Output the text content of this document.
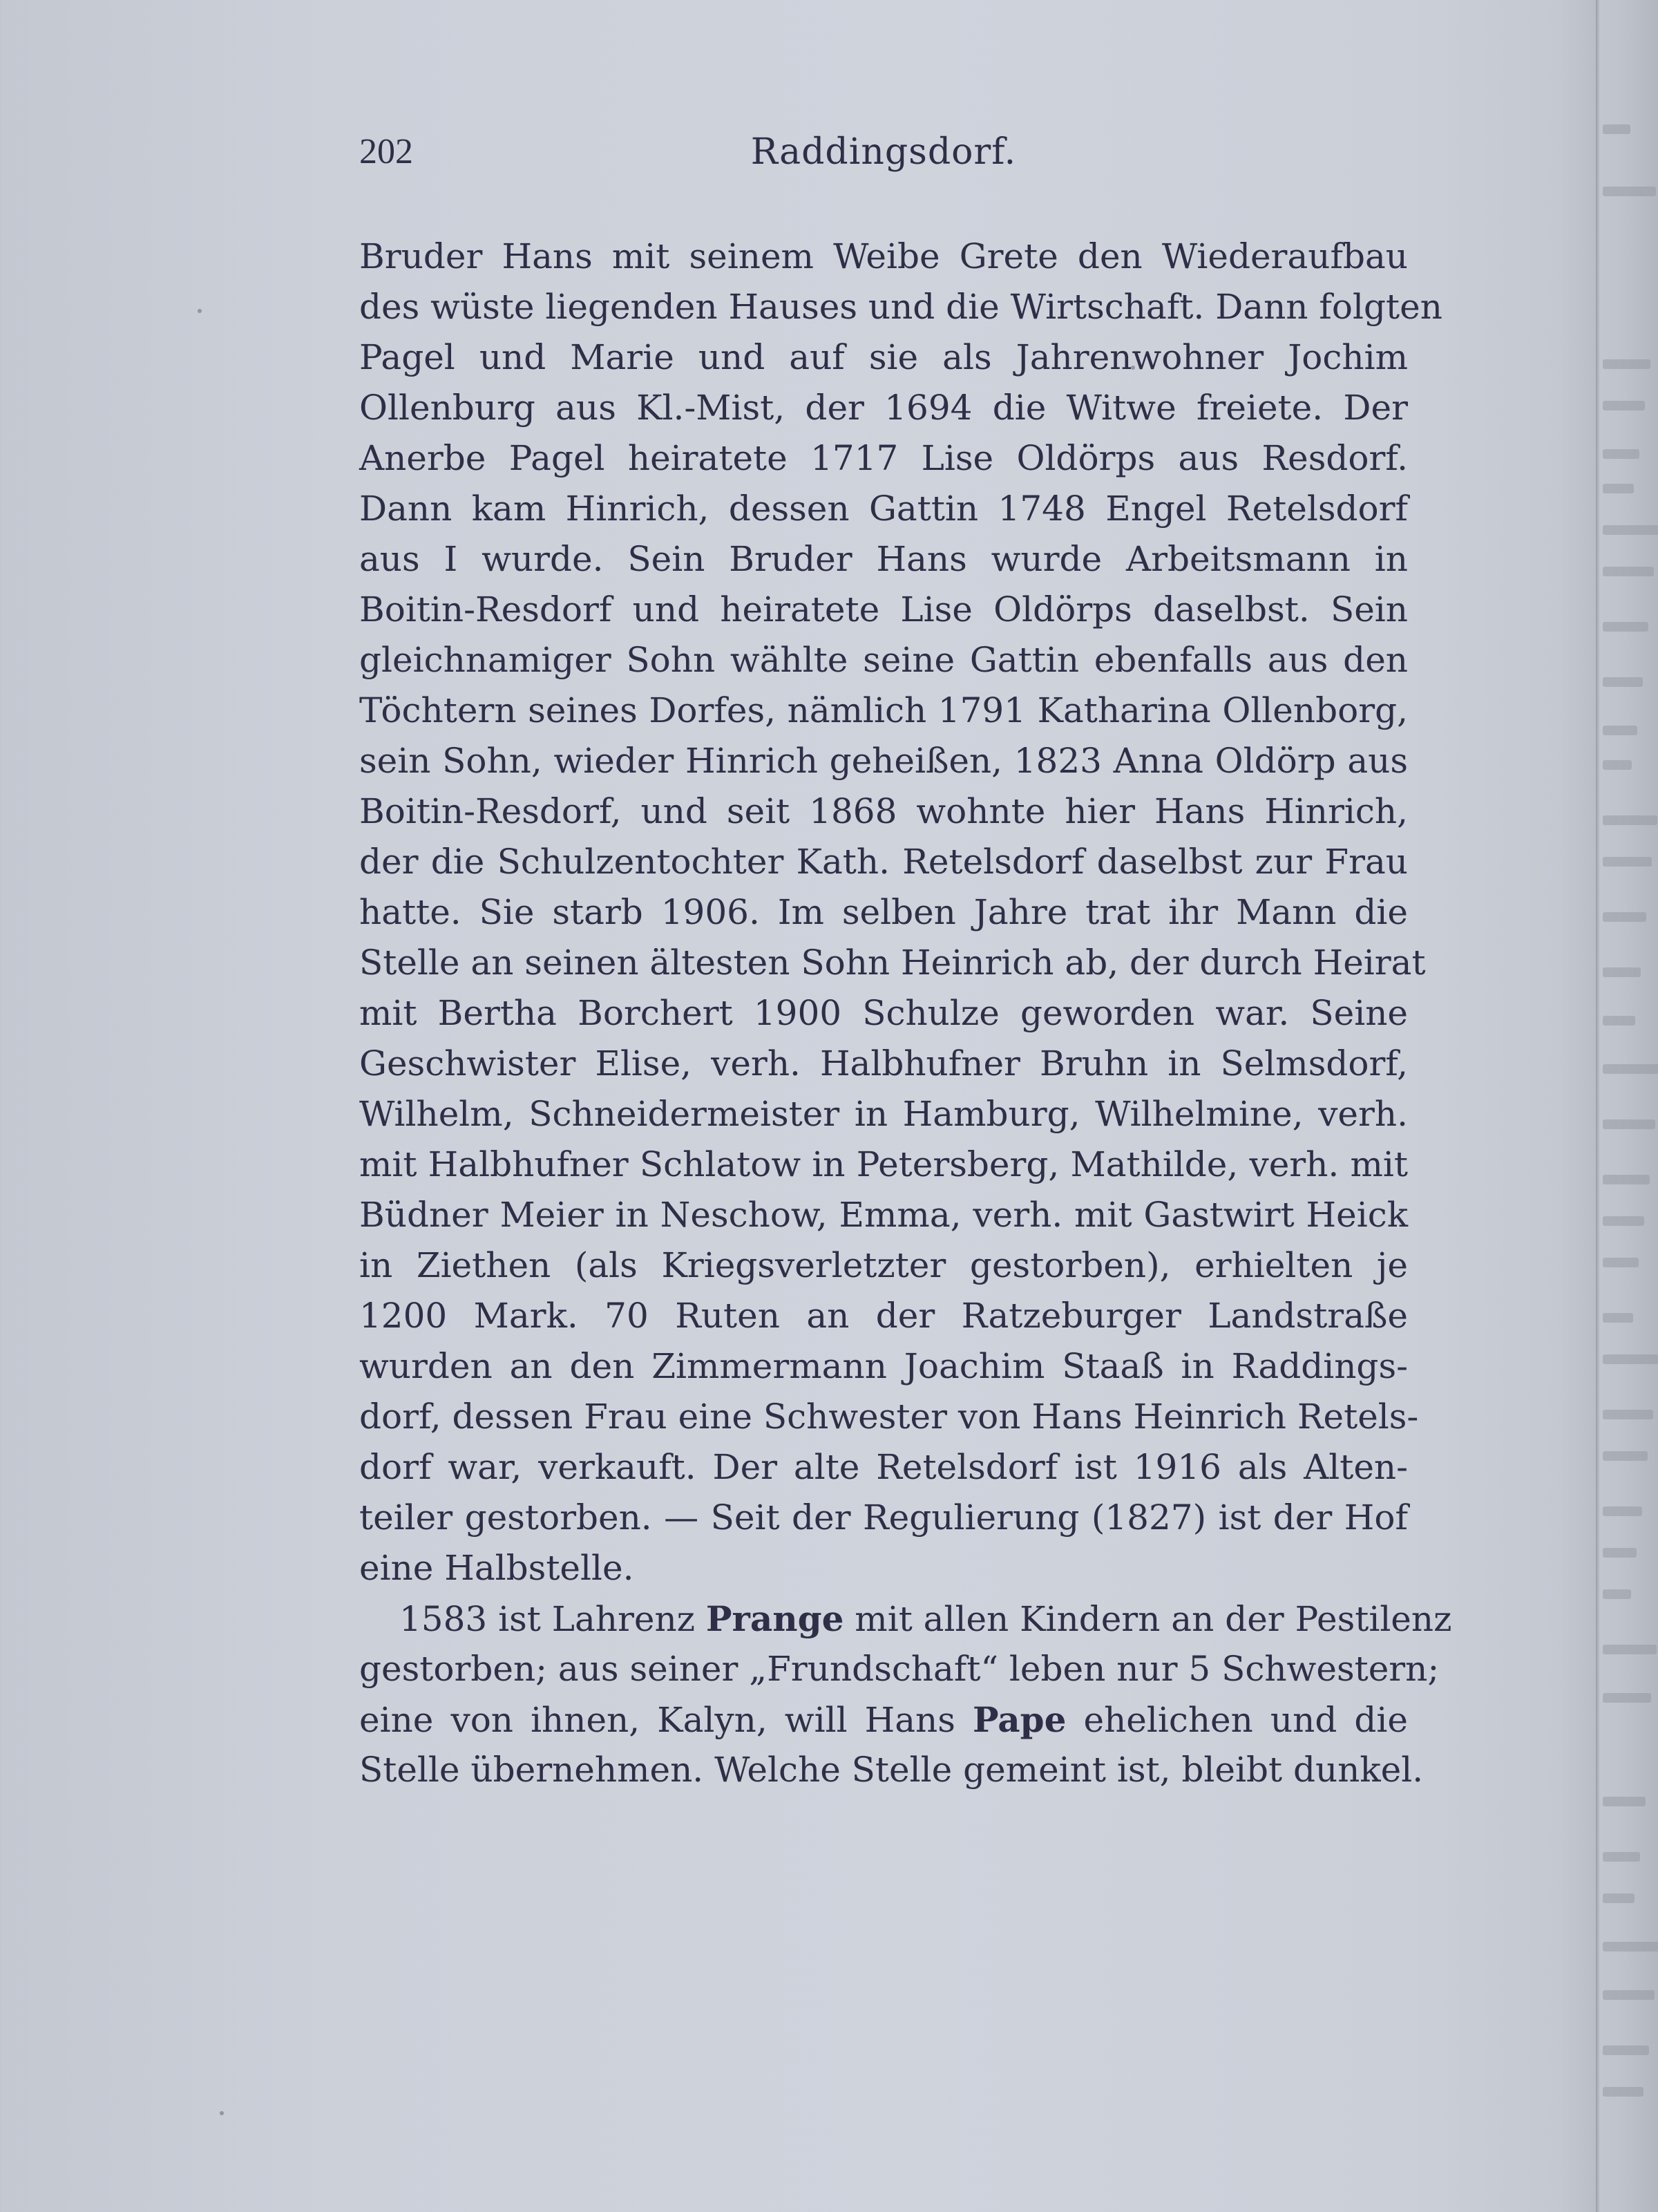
202	Raddingsdorf.
Bruder Hans mit seinem Weibe Grete den Wiederaufbau
des wüste liegenden Hauses und die Wirtschaft. Dann folgten
Pagel und Marie und auf sie als Jahrenwohner Jochim
Ollenburg aus Kl.-Mist, der 1694 die Witwe freiete. Der
Anerbe Pagel heiratete 1717 Lise Oldörps aus Resdorf.
Dann kam Hinrich, dessen Gattin 1748 Engel Retelsdorf
aus I wurde. Sein Bruder Hans wurde Arbeitsmann in
Boitin-Resdorf und heiratete Lise Oldörps daselbst. Sein
gleichnamiger Sohn wählte seine Gattin ebenfalls aus den
Töchtern seines Dorfes, nämlich 1791 Katharina Ollenborg,
sein Sohn, wieder Hinrich geheißen, 1823 Anna Oldörp aus
Boitin-Resdorf, und seit 1868 wohnte hier Hans Hinrich,
der die Schulzentochter Kath. Retelsdorf daselbst zur Frau
hatte. Sie starb 1906. Im selben Jahre trat ihr Mann die
Stelle an seinen ältesten Sohn Heinrich ab, der durch Heirat
mit Bertha Borchert 1900 Schulze geworden war. Seine
Geschwister Elise, verh. Halbhufner Bruhn in Selmsdorf,
Wilhelm, Schneidermeister in Hamburg, Wilhelmine, verh.
mit Halbhufner Schlatow in Petersberg, Mathilde, verh. mit
Büdner Meier in Neschow, Emma, verh. mit Gastwirt Heick
in Ziethen (als Kriegsverletzter gestorben), erhielten je
1200 Mark. 70 Ruten an der Ratzeburger Landstraße
wurden an den Zimmermann Joachim Staaß in Raddings-
dorf, dessen Frau eine Schwester von Hans Heinrich Retels-
dorf war, verkauft. Der alte Retelsdorf ist 1916 als Alten-
teiler gestorben. — Seit der Regulierung (1827) ist der Hof
eine Halbstelle.
1583 ist Lahrenz Prange mit allen Kindern an der Pestilenz
gestorben; aus seiner „Frundschaft“ leben nur 5 Schwestern;
eine von ihnen, Kalyn, will Hans Pape ehelichen und die
Stelle übernehmen. Welche Stelle gemeint ist, bleibt dunkel.
